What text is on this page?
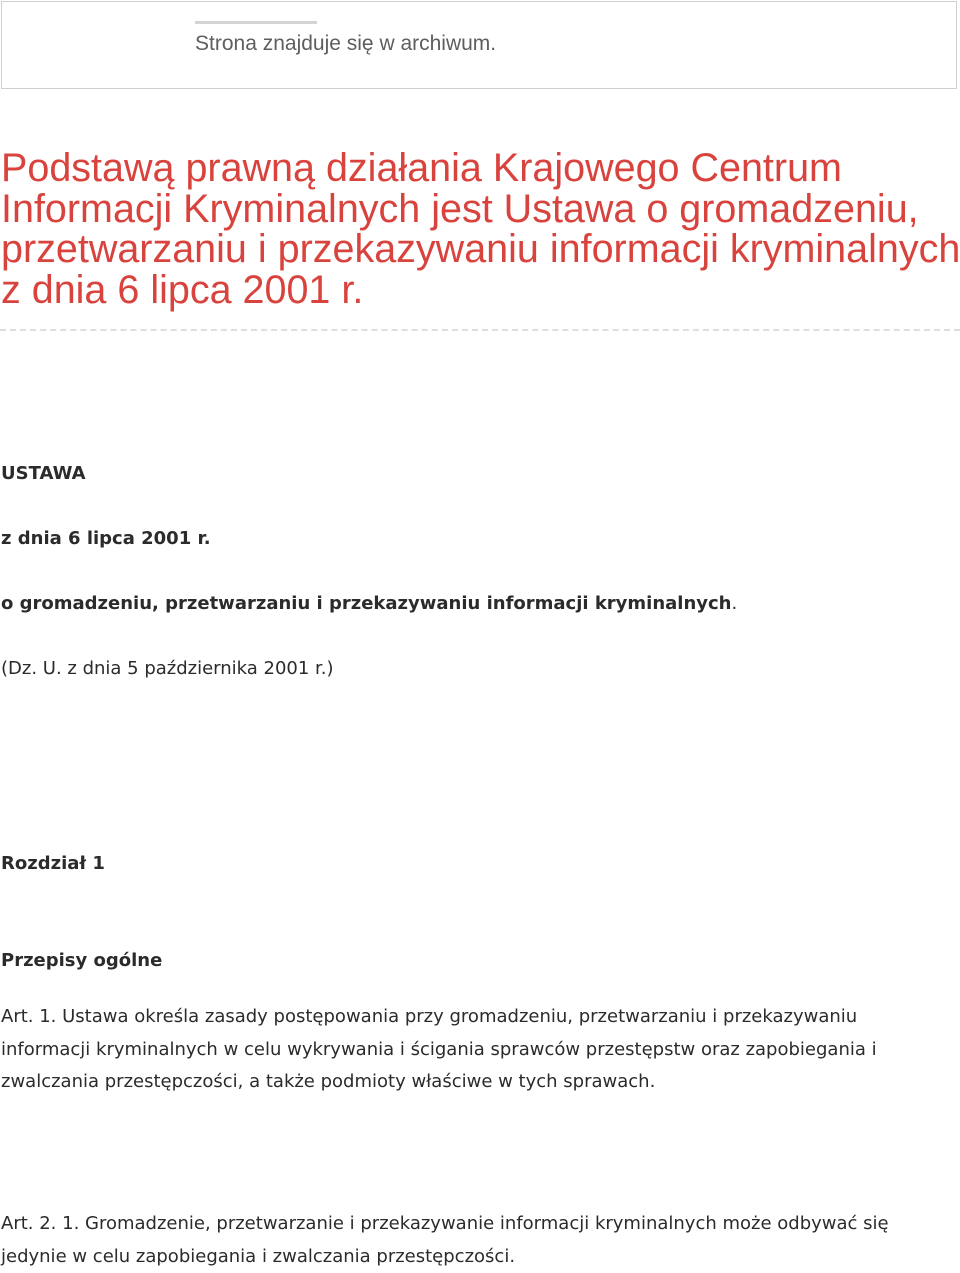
Strona znajduje się w archiwum.
Podstawą prawną działania Krajowego Centrum Informacji Kryminalnych jest Ustawa o gromadzeniu, przetwarzaniu i przekazywaniu informacji kryminalnych z dnia 6 lipca 2001 r.

USTAWA

z dnia 6 lipca 2001 r.

o gromadzeniu, przetwarzaniu i przekazywaniu informacji kryminalnych.

(Dz. U. z dnia 5 października 2001 r.)

Rozdział 1

Przepisy ogólne

Art. 1. Ustawa określa zasady postępowania przy gromadzeniu, przetwarzaniu i przekazywaniu informacji kryminalnych w celu wykrywania i ścigania sprawców przestępstw oraz zapobiegania i zwalczania przestępczości, a także podmioty właściwe w tych sprawach.

Art. 2. 1. Gromadzenie, przetwarzanie i przekazywanie informacji kryminalnych może odbywać się jedynie w celu zapobiegania i zwalczania przestępczości.
